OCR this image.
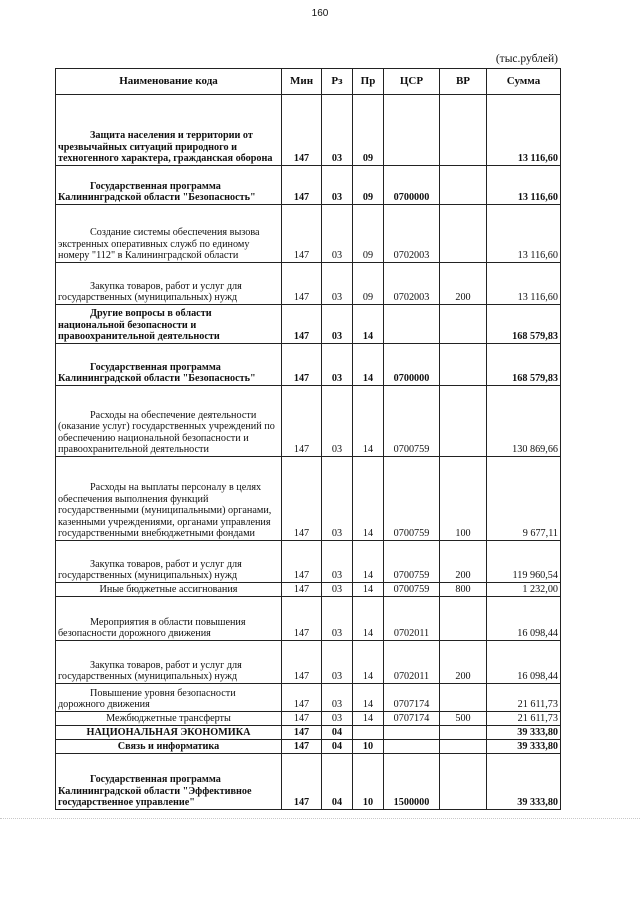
160
(тыс.рублей)
Наименование кода	Мин	Рз	Пр	ЦСР	ВР	Сумма

Защита населения и территории от чрезвычайных ситуаций природного и техногенного характера, гражданская оборона	147	03	09			13 116,60

Государственная программа Калининградской области "Безопасность"	147	03	09	0700000		13 116,60

Создание системы обеспечения вызова экстренных оперативных служб по единому номеру "112" в Калининградской области	147	03	09	0702003		13 116,60

Закупка товаров, работ и услуг для государственных (муниципальных) нужд	147	03	09	0702003	200	13 116,60

Другие вопросы в области национальной безопасности и правоохранительной деятельности	147	03	14			168 579,83

Государственная программа Калининградской области "Безопасность"	147	03	14	0700000		168 579,83

Расходы на обеспечение деятельности (оказание услуг) государственных учреждений по обеспечению национальной безопасности и правоохранительной деятельности	147	03	14	0700759		130 869,66

Расходы на выплаты персоналу в целях обеспечения выполнения функций государственными (муниципальными) органами, казенными учреждениями, органами управления государственными внебюджетными фондами	147	03	14	0700759	100	9 677,11

Закупка товаров, работ и услуг для государственных (муниципальных) нужд	147	03	14	0700759	200	119 960,54

Иные бюджетные ассигнования	147	03	14	0700759	800	1 232,00

Мероприятия в области повышения безопасности дорожного движения	147	03	14	0702011		16 098,44

Закупка товаров, работ и услуг для государственных (муниципальных) нужд	147	03	14	0702011	200	16 098,44

Повышение уровня безопасности дорожного движения	147	03	14	0707174		21 611,73

Межбюджетные трансферты	147	03	14	0707174	500	21 611,73

НАЦИОНАЛЬНАЯ ЭКОНОМИКА	147	04				39 333,80

Связь и информатика	147	04	10			39 333,80

Государственная программа Калининградской области "Эффективное государственное управление"	147	04	10	1500000		39 333,80
